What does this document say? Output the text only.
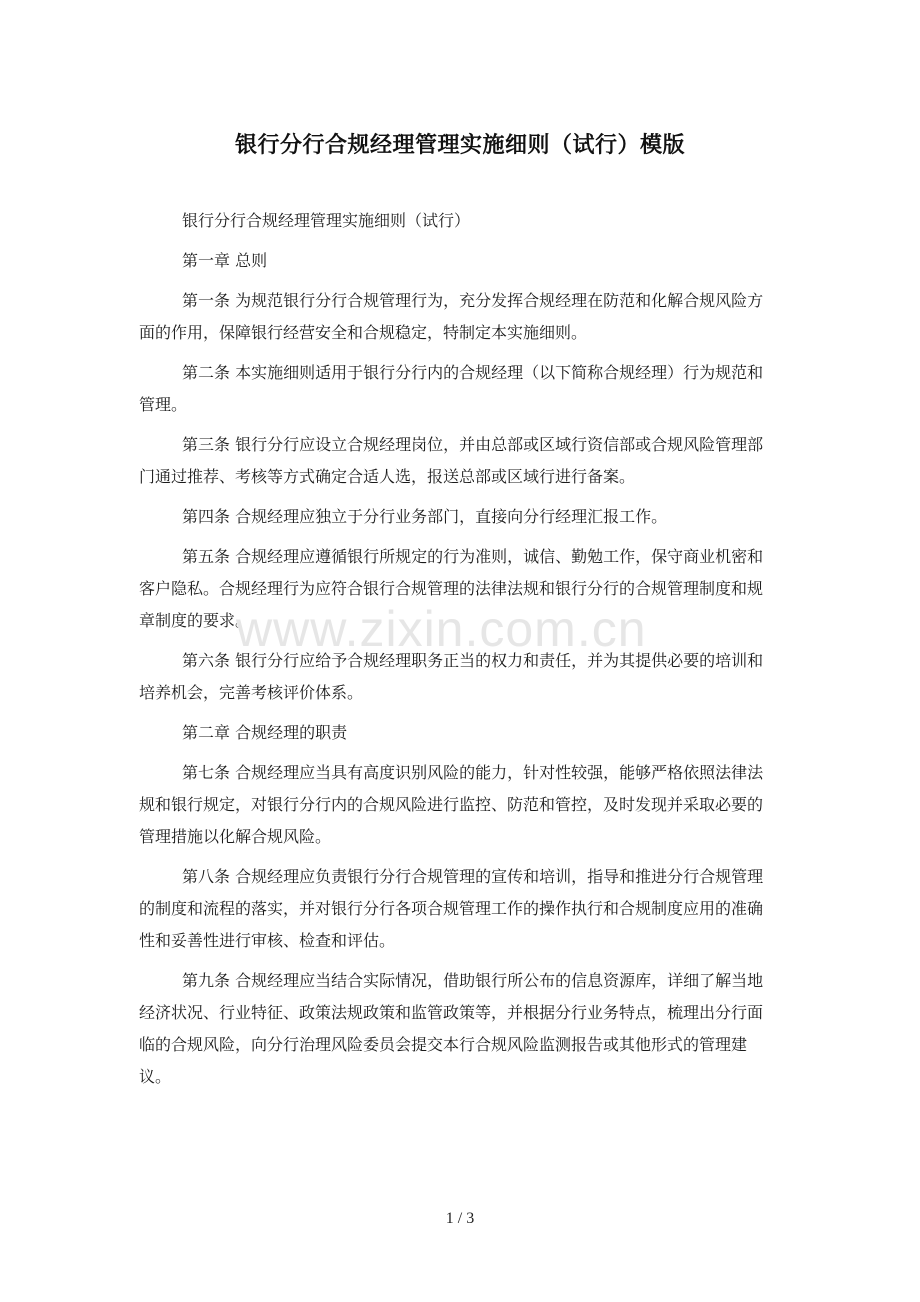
银行分行合规经理管理实施细则（试行）模版

银行分行合规经理管理实施细则（试行）

第一章 总则

第一条 为规范银行分行合规管理行为，充分发挥合规经理在防范和化解合规风险方面的作用，保障银行经营安全和合规稳定，特制定本实施细则。

第二条 本实施细则适用于银行分行内的合规经理（以下简称合规经理）行为规范和管理。

第三条 银行分行应设立合规经理岗位，并由总部或区域行资信部或合规风险管理部门通过推荐、考核等方式确定合适人选，报送总部或区域行进行备案。

第四条 合规经理应独立于分行业务部门，直接向分行经理汇报工作。

第五条 合规经理应遵循银行所规定的行为准则，诚信、勤勉工作，保守商业机密和客户隐私。合规经理行为应符合银行合规管理的法律法规和银行分行的合规管理制度和规章制度的要求。

第六条 银行分行应给予合规经理职务正当的权力和责任，并为其提供必要的培训和培养机会，完善考核评价体系。

第二章 合规经理的职责

第七条 合规经理应当具有高度识别风险的能力，针对性较强，能够严格依照法律法规和银行规定，对银行分行内的合规风险进行监控、防范和管控，及时发现并采取必要的管理措施以化解合规风险。

第八条 合规经理应负责银行分行合规管理的宣传和培训，指导和推进分行合规管理的制度和流程的落实，并对银行分行各项合规管理工作的操作执行和合规制度应用的准确性和妥善性进行审核、检查和评估。

第九条 合规经理应当结合实际情况，借助银行所公布的信息资源库，详细了解当地经济状况、行业特征、政策法规政策和监管政策等，并根据分行业务特点，梳理出分行面临的合规风险，向分行治理风险委员会提交本行合规风险监测报告或其他形式的管理建议。

www.zixin.com.cn
1 / 3
